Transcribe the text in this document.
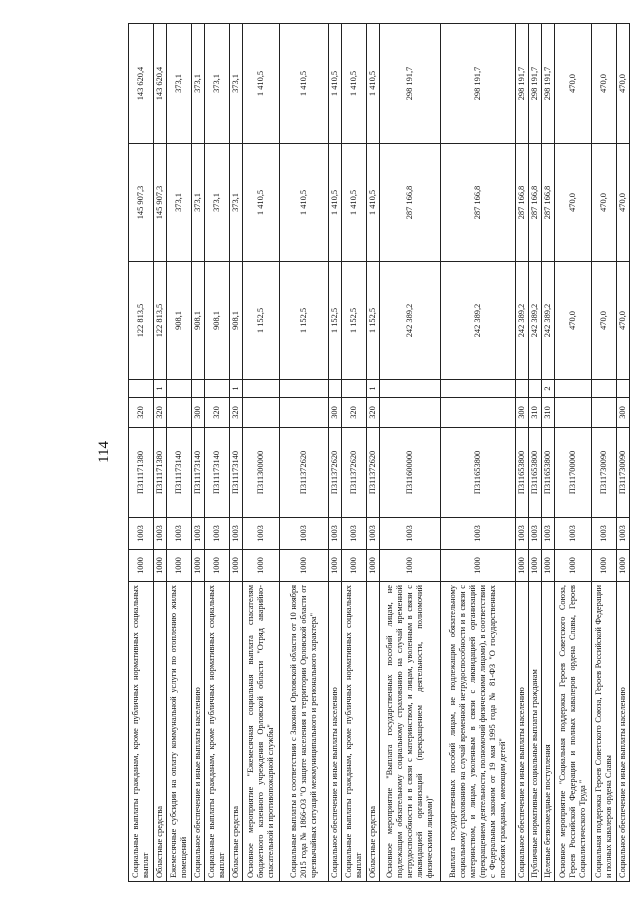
114
Социальные выплаты гражданам, кроме публичных нормативных социальных выплат	1000	1003	П311171380	320		122 813,5	145 907,3	143 620,4
Областные средства	1000	1003	П311171380	320	1	122 813,5	145 907,3	143 620,4
Ежемесячные субсидии на оплату коммунальной услуги по отоплению жилых помещений	1000	1003	П311173140			908,1	373,1	373,1
Социальное обеспечение и иные выплаты населению	1000	1003	П311173140	300		908,1	373,1	373,1
Социальные выплаты гражданам, кроме публичных нормативных социальных выплат	1000	1003	П311173140	320		908,1	373,1	373,1
Областные средства	1000	1003	П311173140	320	1	908,1	373,1	373,1
Основное мероприятие "Ежемесячная социальная выплата спасателям бюджетного казенного учреждения Орловской области "Отряд аварийно-спасательной и противопожарной службы"	1000	1003	П311300000			1 152,5	1 410,5	1 410,5
Социальные выплаты в соответствии с Законом Орловской области от 10 ноября 2015 года № 1866-ОЗ "О защите населения и территории Орловской области от чрезвычайных ситуаций межмуниципального и регионального характера"	1000	1003	П311372620			1 152,5	1 410,5	1 410,5
Социальное обеспечение и иные выплаты населению	1000	1003	П311372620	300		1 152,5	1 410,5	1 410,5
Социальные выплаты гражданам, кроме публичных нормативных социальных выплат	1000	1003	П311372620	320		1 152,5	1 410,5	1 410,5
Областные средства	1000	1003	П311372620	320	1	1 152,5	1 410,5	1 410,5
Основное мероприятие "Выплата государственных пособий лицам, не подлежащим обязательному социальному страхованию на случай временной нетрудоспособности и в связи с материнством, и лицам, уволенным в связи с ликвидацией организаций (прекращением деятельности, полномочий физическими лицами)"	1000	1003	П311600000			242 389,2	287 166,8	298 191,7
Выплата государственных пособий лицам, не подлежащим обязательному социальному страхованию на случай временной нетрудоспособности и в связи с материнством, и лицам, уволенным в связи с ликвидацией организаций (прекращением деятельности, полномочий физическими лицами), в соответствии с Федеральным законом от 19 мая 1995 года № 81-ФЗ "О государственных пособиях гражданам, имеющим детей"	1000	1003	П311653800			242 389,2	287 166,8	298 191,7
Социальное обеспечение и иные выплаты населению	1000	1003	П311653800	300		242 389,2	287 166,8	298 191,7
Публичные нормативные социальные выплаты гражданам	1000	1003	П311653800	310		242 389,2	287 166,8	298 191,7
Целевые безвозмездные поступления	1000	1003	П311653800	310	2	242 389,2	287 166,8	298 191,7
Основное мероприятие "Социальная поддержка Героев Советского Союза, Героев Российской Федерации и полных кавалеров ордена Славы, Героев Социалистического Труда "	1000	1003	П311700000			470,0	470,0	470,0
Социальная поддержка Героев Советского Союза, Героев Российской Федерации и полных кавалеров ордена Славы	1000	1003	П311730090			470,0	470,0	470,0
Социальное обеспечение и иные выплаты населению	1000	1003	П311730090	300		470,0	470,0	470,0
